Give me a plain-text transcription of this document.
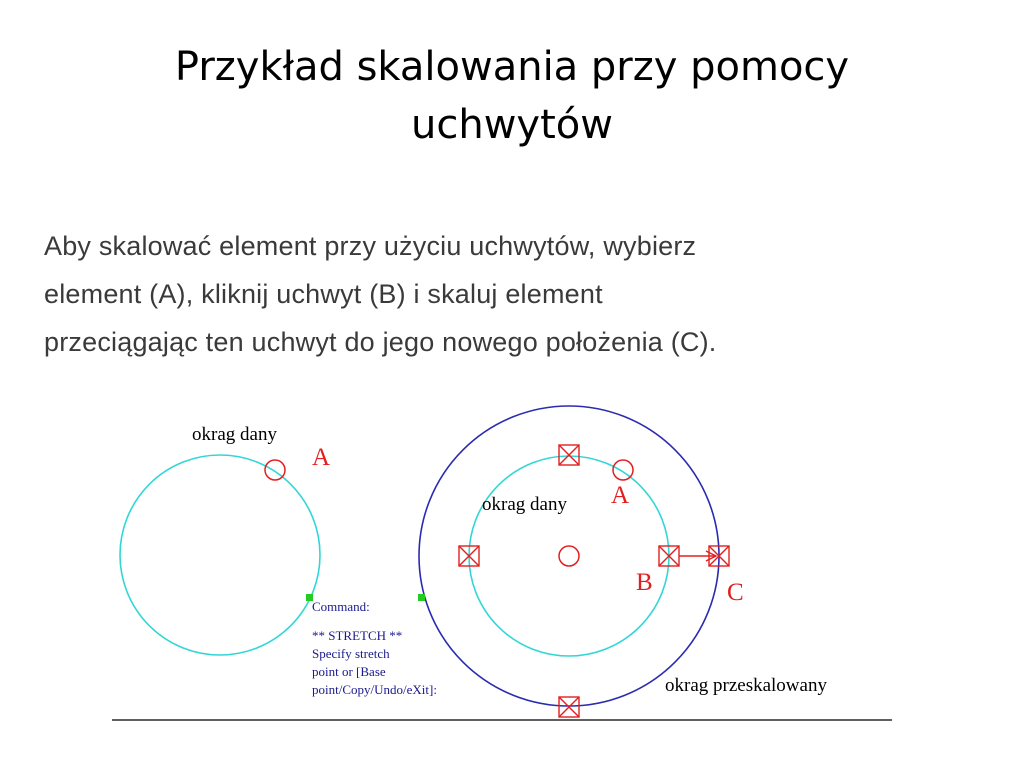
Przykład skalowania przy pomocy
uchwytów
Aby skalować element przy użyciu uchwytów, wybierz
element (A), kliknij uchwyt (B) i skaluj element
przeciągając ten uchwyt do jego nowego położenia (C).
okrag dany
A
okrag dany A
B	C
okrag przeskalowany
Command:
** STRETCH **
Specify stretch
point or [Base
point/Copy/Undo/eXit]:
